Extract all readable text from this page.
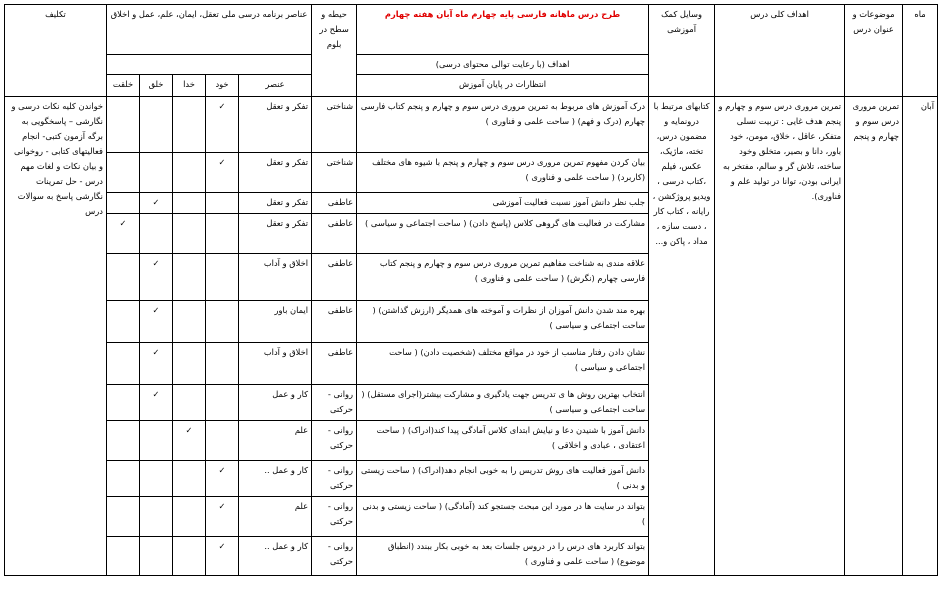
تکلیف	عناصر برنامه درسی ملی تعقل، ایمان، علم، عمل و اخلاق					حیطه و سطح در بلوم	طرح درس ماهانه فارسی پایه چهارم ماه آبان هفته چهارم	وسایل کمک آموزشی	اهداف کلی درس	موضوعات و عنوان درس	ماه
							اهداف (با رعایت توالی محتوای درسی)				
	خلقت	خلق	خدا	خود	عنصر		انتظارات در پایان آموزش				
خواندن کلیه نکات درسی و نگارشی – پاسخگویی به برگه آزمون کتبی- انجام فعالیتهای کتابی - روخوانی و بیان نکات و لغات مهم درس - حل تمرینات نگارشی پاسخ به سوالات درس				✓	تفکر و تعقل	شناختی	درک آموزش های مربوط به تمرین مروری درس سوم و چهارم و پنجم کتاب فارسی چهارم (درک و فهم) ( ساحت علمی و فناوری )	کتابهای مرتبط با درونمایه و مضمون درس، تخته، ماژیک، عکس، فیلم ،کتاب درسی ، ویدیو پروژکشن ، رایانه ، کتاب کار ، دست سازه ، مداد ، پاکن و...	تمرین مروری درس سوم و چهارم و پنجم هدف غایی : تربیت نسلی متفکر، عاقل ، خلاق، مومن، خود باور، دانا و بصیر، متخلق وخود ساخته، تلاش گر و سالم، مفتخر به ایرانی بودن، توانا در تولید علم و فناوری).	تمرین مروری درس سوم و چهارم و پنجم	آبان
				✓	تفکر و تعقل	شناختی	بیان کردن مفهوم تمرین مروری درس سوم و چهارم و پنجم با شیوه های مختلف (کاربرد) ( ساحت علمی و فناوری )				
		✓			تفکر و تعقل	عاطفی	جلب نظر دانش آموز نسبت فعالیت آموزشی				
	✓				تفکر و تعقل	عاطفی	مشارکت در فعالیت های گروهی کلاس (پاسخ دادن) ( ساحت اجتماعی و سیاسی )				
		✓			اخلاق و آداب	عاطفی	علاقه مندی به شناخت مفاهیم تمرین مروری درس سوم و چهارم و پنجم کتاب فارسی چهارم (نگرش) ( ساحت علمی و فناوری )				
		✓			ایمان باور	عاطفی	بهره مند شدن دانش آموزان از نظرات و آموخته های همدیگر (ارزش گذاشتن) ( ساحت اجتماعی و سیاسی )				
		✓			اخلاق و آداب	عاطفی	نشان دادن رفتار مناسب از خود در مواقع مختلف (شخصیت دادن) ( ساحت اجتماعی و سیاسی )				
		✓			کار و عمل	روانی - حرکتی	انتخاب بهترین روش ها ی تدریس جهت یادگیری و مشارکت بیشتر(اجرای مستقل) ( ساحت اجتماعی و سیاسی )				
			✓		علم	روانی - حرکتی	دانش آموز با شنیدن دعا و نیایش ابتدای کلاس آمادگی پیدا کند(ادراک) ( ساحت اعتقادی ، عبادی و اخلاقی )				
				✓	کار و عمل ..	روانی - حرکتی	دانش آموز فعالیت های روش تدریس را به خوبی انجام دهد(ادراک) ( ساحت زیستی و بدنی )				
				✓	علم	روانی - حرکتی	بتواند در سایت ها در مورد این مبحث جستجو کند (آمادگی) ( ساحت زیستی و بدنی )				
				✓	کار و عمل ..	روانی - حرکتی	بتواند کاربرد های درس را در دروس جلسات بعد به خوبی بکار ببندد (انطباق موضوع) ( ساحت علمی و فناوری )				
